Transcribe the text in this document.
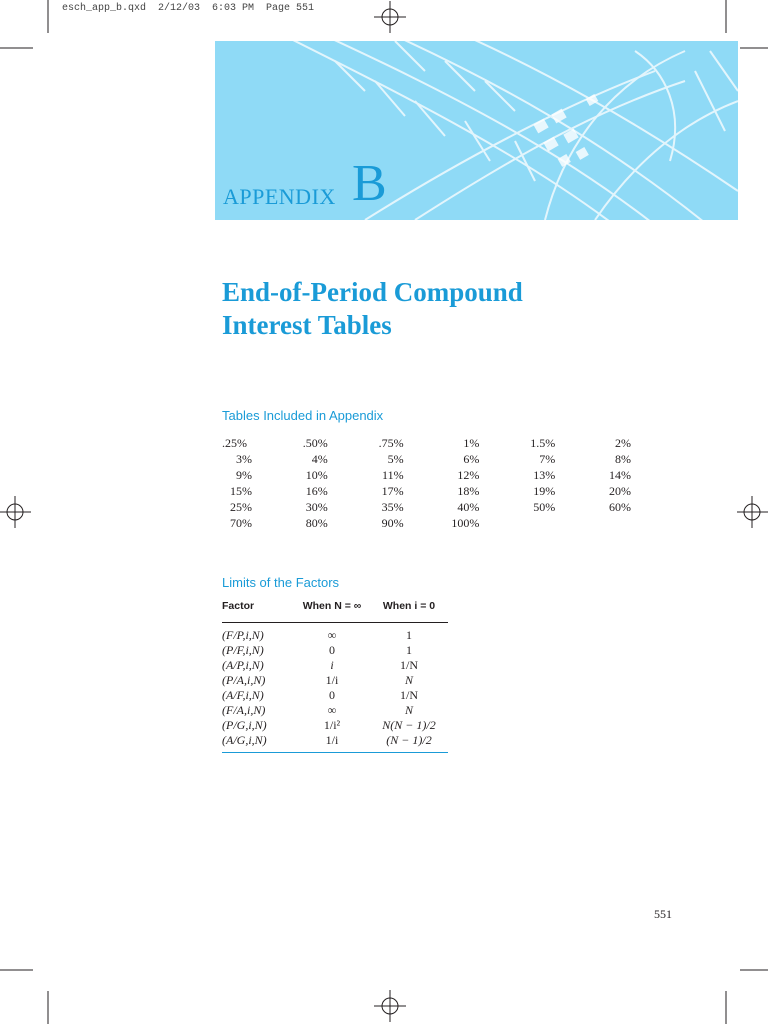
esch_app_b.qxd  2/12/03  6:03 PM  Page 551
APPENDIX B
End-of-Period Compound
Interest Tables
Tables Included in Appendix
.25%	.50%	.75%	1%	1.5%	2%
3%	4%	5%	6%	7%	8%
9%	10%	11%	12%	13%	14%
15%	16%	17%	18%	19%	20%
25%	30%	35%	40%	50%	60%
70%	80%	90%	100%
Limits of the Factors
Factor	When N = ∞	When i = 0
(F/P,i,N)	∞	1
(P/F,i,N)	0	1
(A/P,i,N)	i	1/N
(P/A,i,N)	1/i	N
(A/F,i,N)	0	1/N
(F/A,i,N)	∞	N
(P/G,i,N)	1/i²	N(N − 1)/2
(A/G,i,N)	1/i	(N − 1)/2
551
